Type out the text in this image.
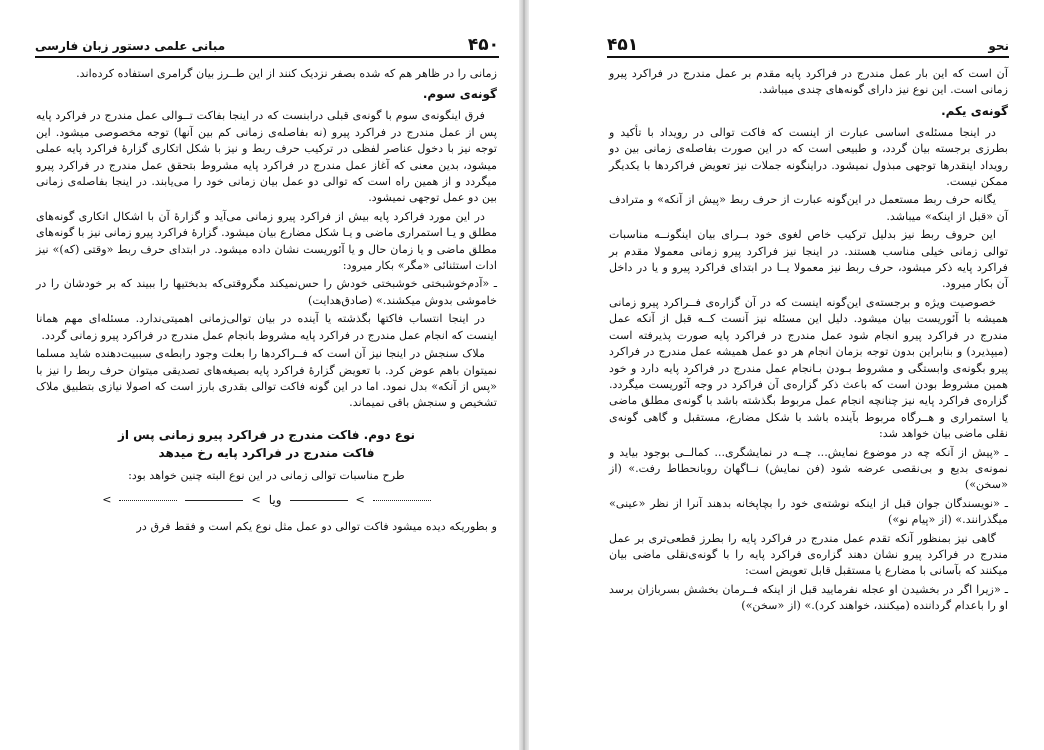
۴۵۰
مبانی علمی دستور زبان فارسی

زمانی را در ظاهر هم که شده بصفر نزدیک کنند از این طــرز بیان گرامری استفاده کرده‌اند.

گونه‌ی سوم.

فرق اینگونه‌ی سوم با گونه‌ی قبلی درابنست که در اینجا بفاکت تــوالی عمل مندرج در فراکرد پایه پس از عمل مندرج در فراکرد پیرو (نه بفاصله‌ی زمانی کم بین آنها) توجه مخصوصی میشود. این توجه نیز با دخول عناصر لفظی در ترکیب حرف ربط و نیز با شکل اتکاری گزارهٔ فراکرد پایه عملی میشود، بدین معنی که آغاز عمل مندرج در فراکرد پایه مشروط بتحقق عمل مندرج در فراکرد پیرو میگردد و از همین راه است که توالی دو عمل بیان زمانی خود را می‌یابند. در اینجا بفاصله‌ی زمانی بین دو عمل توجهی نمیشود.

در این مورد فراکرد پایه بیش از فراکرد پیرو زمانی می‌آید و گزارهٔ آن با اشکال اتکاری گونه‌های مطلق و یـا استمراری ماضی و یـا شکل مضارع بیان میشود. گزارهٔ فراکرد پیرو زمانی نیز با گونه‌های مطلق ماضی و یا زمان حال و یا آئوریست نشان داده میشود. در ابتدای حرف ربط «وقتی (که)» نیز ادات استثنائی «مگر» بکار میرود:

ـ «آدم‌خوشبختی خوشبختی خودش را حس‌نمیکند مگروقتی‌که بدبختیها را ببیند که بر خودشان را در خاموشی بدوش میکشند.» (صادق‌هدایت)

در اینجا انتساب فاکتها بگذشته یا آینده در بیان توالی‌زمانی اهمیتی‌ندارد. مسئله‌ای مهم همانا اینست که انجام عمل مندرج در فراکرد پایه مشروط بانجام عمل مندرج در فراکرد پیرو زمانی گردد.

ملاک سنجش در اینجا نیز آن است که فــراکردها را بعلت وجود رابطه‌ی سببیت‌دهنده شاید مسلما نمیتوان باهم عوض کرد. با تعویض گزارهٔ فراکرد پایه بصیغه‌های تصدیقی میتوان حرف ربط را نیز با «پس از آنکه» بدل نمود. اما در این گونه فاکت توالی بقدری بارز است که اصولا نیازی بتطبیق ملاک تشخیص و سنجش باقی نمیماند.

نوع دوم. فاکت مندرج در فراکرد پیرو زمانی پس از
فاکت مندرج در فراکرد پایه رخ میدهد

طرح مناسبات توالی زمانی در این نوع البته چنین خواهد بود:

<	< ویا	<

و بطوریکه دیده میشود فاکت توالی دو عمل مثل نوع یکم است و فقط فرق در

نحو
۴۵۱

آن است که این بار عمل مندرج در فراکرد پایه مقدم بر عمل مندرج در فراکرد پیرو زمانی است. این نوع نیز دارای گونه‌های چندی میباشد.

گونه‌ی یکم.

در اینجا مسئله‌ی اساسی عبارت از اینست که فاکت توالی در رویداد با تأکید و بطرزی برجسته بیان گردد، و طبیعی است که در این صورت بفاصله‌ی زمانی بین دو رویداد اینقدرها توجهی مبذول نمیشود. دراینگونه جملات نیز تعویض فراکردها با یکدیگر ممکن نیست.

یگانه حرف ربط مستعمل در این‌گونه عبارت از حرف ربط «پیش از آنکه» و مترادف آن «قبل از اینکه» میباشد.

این حروف ربط نیز بدلیل ترکیب خاص لغوی خود بــرای بیان اینگونــه مناسبات توالی زمانی خیلی مناسب هستند. در اینجا نیز فراکرد پیرو زمانی معمولا مقدم بر فراکرد پایه ذکر میشود، حرف ربط نیز معمولا یــا در ابتدای فراکرد پیرو و یا در داخل آن بکار میرود.

خصوصیت ویژه و برجسته‌ی این‌گونه اینست که در آن گزاره‌ی فــراکرد پیرو زمانی همیشه با آئوریست بیان میشود. دلیل این مسئله نیز آنست کــه قبل از آنکه عمل مندرج در فراکرد پیرو انجام شود عمل مندرج در فراکرد پایه صورت پذیرفته است (میپذیرد) و بنابراین بدون توجه بزمان انجام هر دو عمل همیشه عمل مندرج در فراکرد پیرو بگونه‌ی وابستگی و مشروط بـودن بـانجام عمل مندرج در فراکرد پایه دارد و خود همین مشروط بودن است که باعث ذکر گزاره‌ی آن فراکرد در وجه آئوریست میگردد. گزاره‌ی فراکرد پایه نیز چنانچه انجام عمل مربوط بگذشته باشد با گونه‌ی مطلق ماضی یا استمراری و هــرگاه مربوط بآینده باشد با شکل مضارع، مستقبل و گاهی گونه‌ی نقلی ماضی بیان خواهد شد:

ـ «پیش از آنکه چه در موضوع نمایش... چــه در نمایشگری... کمالــی بوجود بیاید و نمونه‌ی بدیع و بی‌نقصی عرضه شود (فن نمایش) نــاگهان روبانحطاط رفت.» (از «سخن»)

ـ «نویسندگان جوان قبل از اینکه نوشته‌ی خود را بچاپخانه بدهند آنرا از نظر «عینی» میگذرانند.» (از «پیام نو»)

گاهی نیز بمنظور آنکه تقدم عمل مندرج در فراکرد پایه را بطرز قطعی‌تری بر عمل مندرج در فراکرد پیرو نشان دهند گزاره‌ی فراکرد پایه را با گونه‌ی‌نقلی ماضی بیان میکنند که بآسانی با مضارع یا مستقبل قابل تعویض است:

ـ «زیرا اگر در بخشیدن او عجله نفرمایید قبل از اینکه فــرمان بخشش بسربازان برسد او را باعدام گرداننده (میکنند، خواهند کرد).» (از «سخن»)
